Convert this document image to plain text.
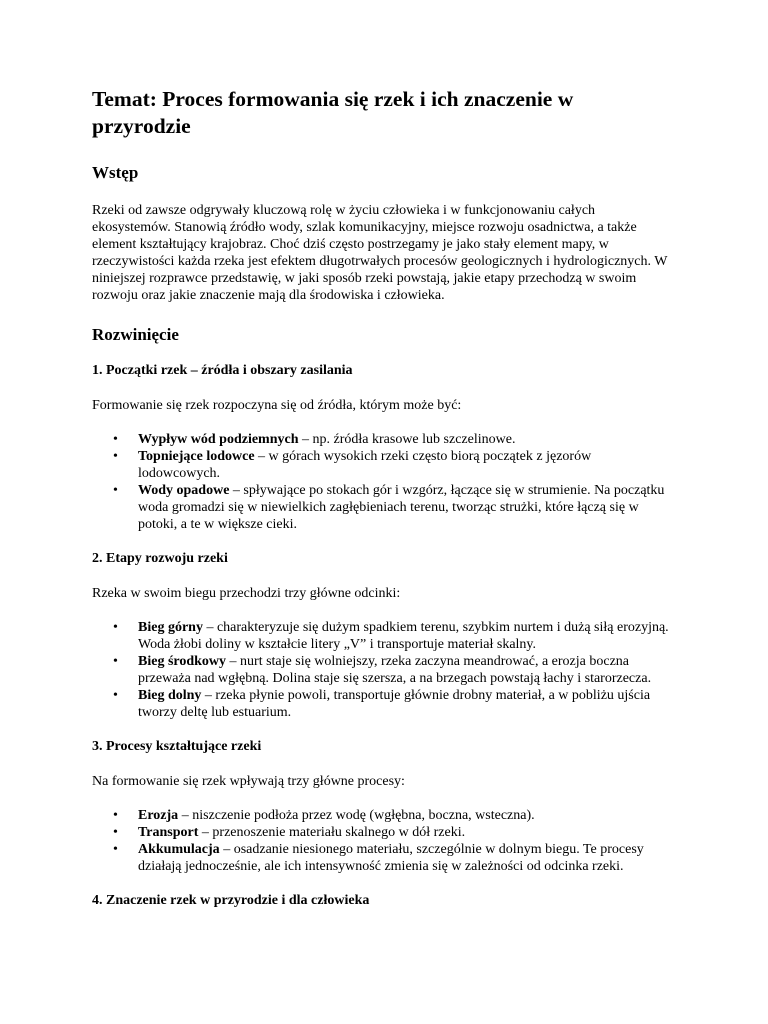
Temat: Proces formowania się rzek i ich znaczenie w przyrodzie
Wstęp

Rzeki od zawsze odgrywały kluczową rolę w życiu człowieka i w funkcjonowaniu całych ekosystemów. Stanowią źródło wody, szlak komunikacyjny, miejsce rozwoju osadnictwa, a także element kształtujący krajobraz. Choć dziś często postrzegamy je jako stały element mapy, w rzeczywistości każda rzeka jest efektem długotrwałych procesów geologicznych i hydrologicznych. W niniejszej rozprawce przedstawię, w jaki sposób rzeki powstają, jakie etapy przechodzą w swoim rozwoju oraz jakie znaczenie mają dla środowiska i człowieka.

Rozwinięcie
1. Początki rzek – źródła i obszary zasilania

Formowanie się rzek rozpoczyna się od źródła, którym może być:

• Wypływ wód podziemnych – np. źródła krasowe lub szczelinowe.
• Topniejące lodowce – w górach wysokich rzeki często biorą początek z jęzorów lodowcowych.
• Wody opadowe – spływające po stokach gór i wzgórz, łączące się w strumienie. Na początku woda gromadzi się w niewielkich zagłębieniach terenu, tworząc strużki, które łączą się w potoki, a te w większe cieki.
2. Etapy rozwoju rzeki

Rzeka w swoim biegu przechodzi trzy główne odcinki:

• Bieg górny – charakteryzuje się dużym spadkiem terenu, szybkim nurtem i dużą siłą erozyjną. Woda żłobi doliny w kształcie litery „V” i transportuje materiał skalny.
• Bieg środkowy – nurt staje się wolniejszy, rzeka zaczyna meandrować, a erozja boczna przeważa nad wgłębną. Dolina staje się szersza, a na brzegach powstają łachy i starorzecza.
• Bieg dolny – rzeka płynie powoli, transportuje głównie drobny materiał, a w pobliżu ujścia tworzy deltę lub estuarium.
3. Procesy kształtujące rzeki

Na formowanie się rzek wpływają trzy główne procesy:

• Erozja – niszczenie podłoża przez wodę (wgłębna, boczna, wsteczna).
• Transport – przenoszenie materiału skalnego w dół rzeki.
• Akkumulacja – osadzanie niesionego materiału, szczególnie w dolnym biegu. Te procesy działają jednocześnie, ale ich intensywność zmienia się w zależności od odcinka rzeki.
4. Znaczenie rzek w przyrodzie i dla człowieka
